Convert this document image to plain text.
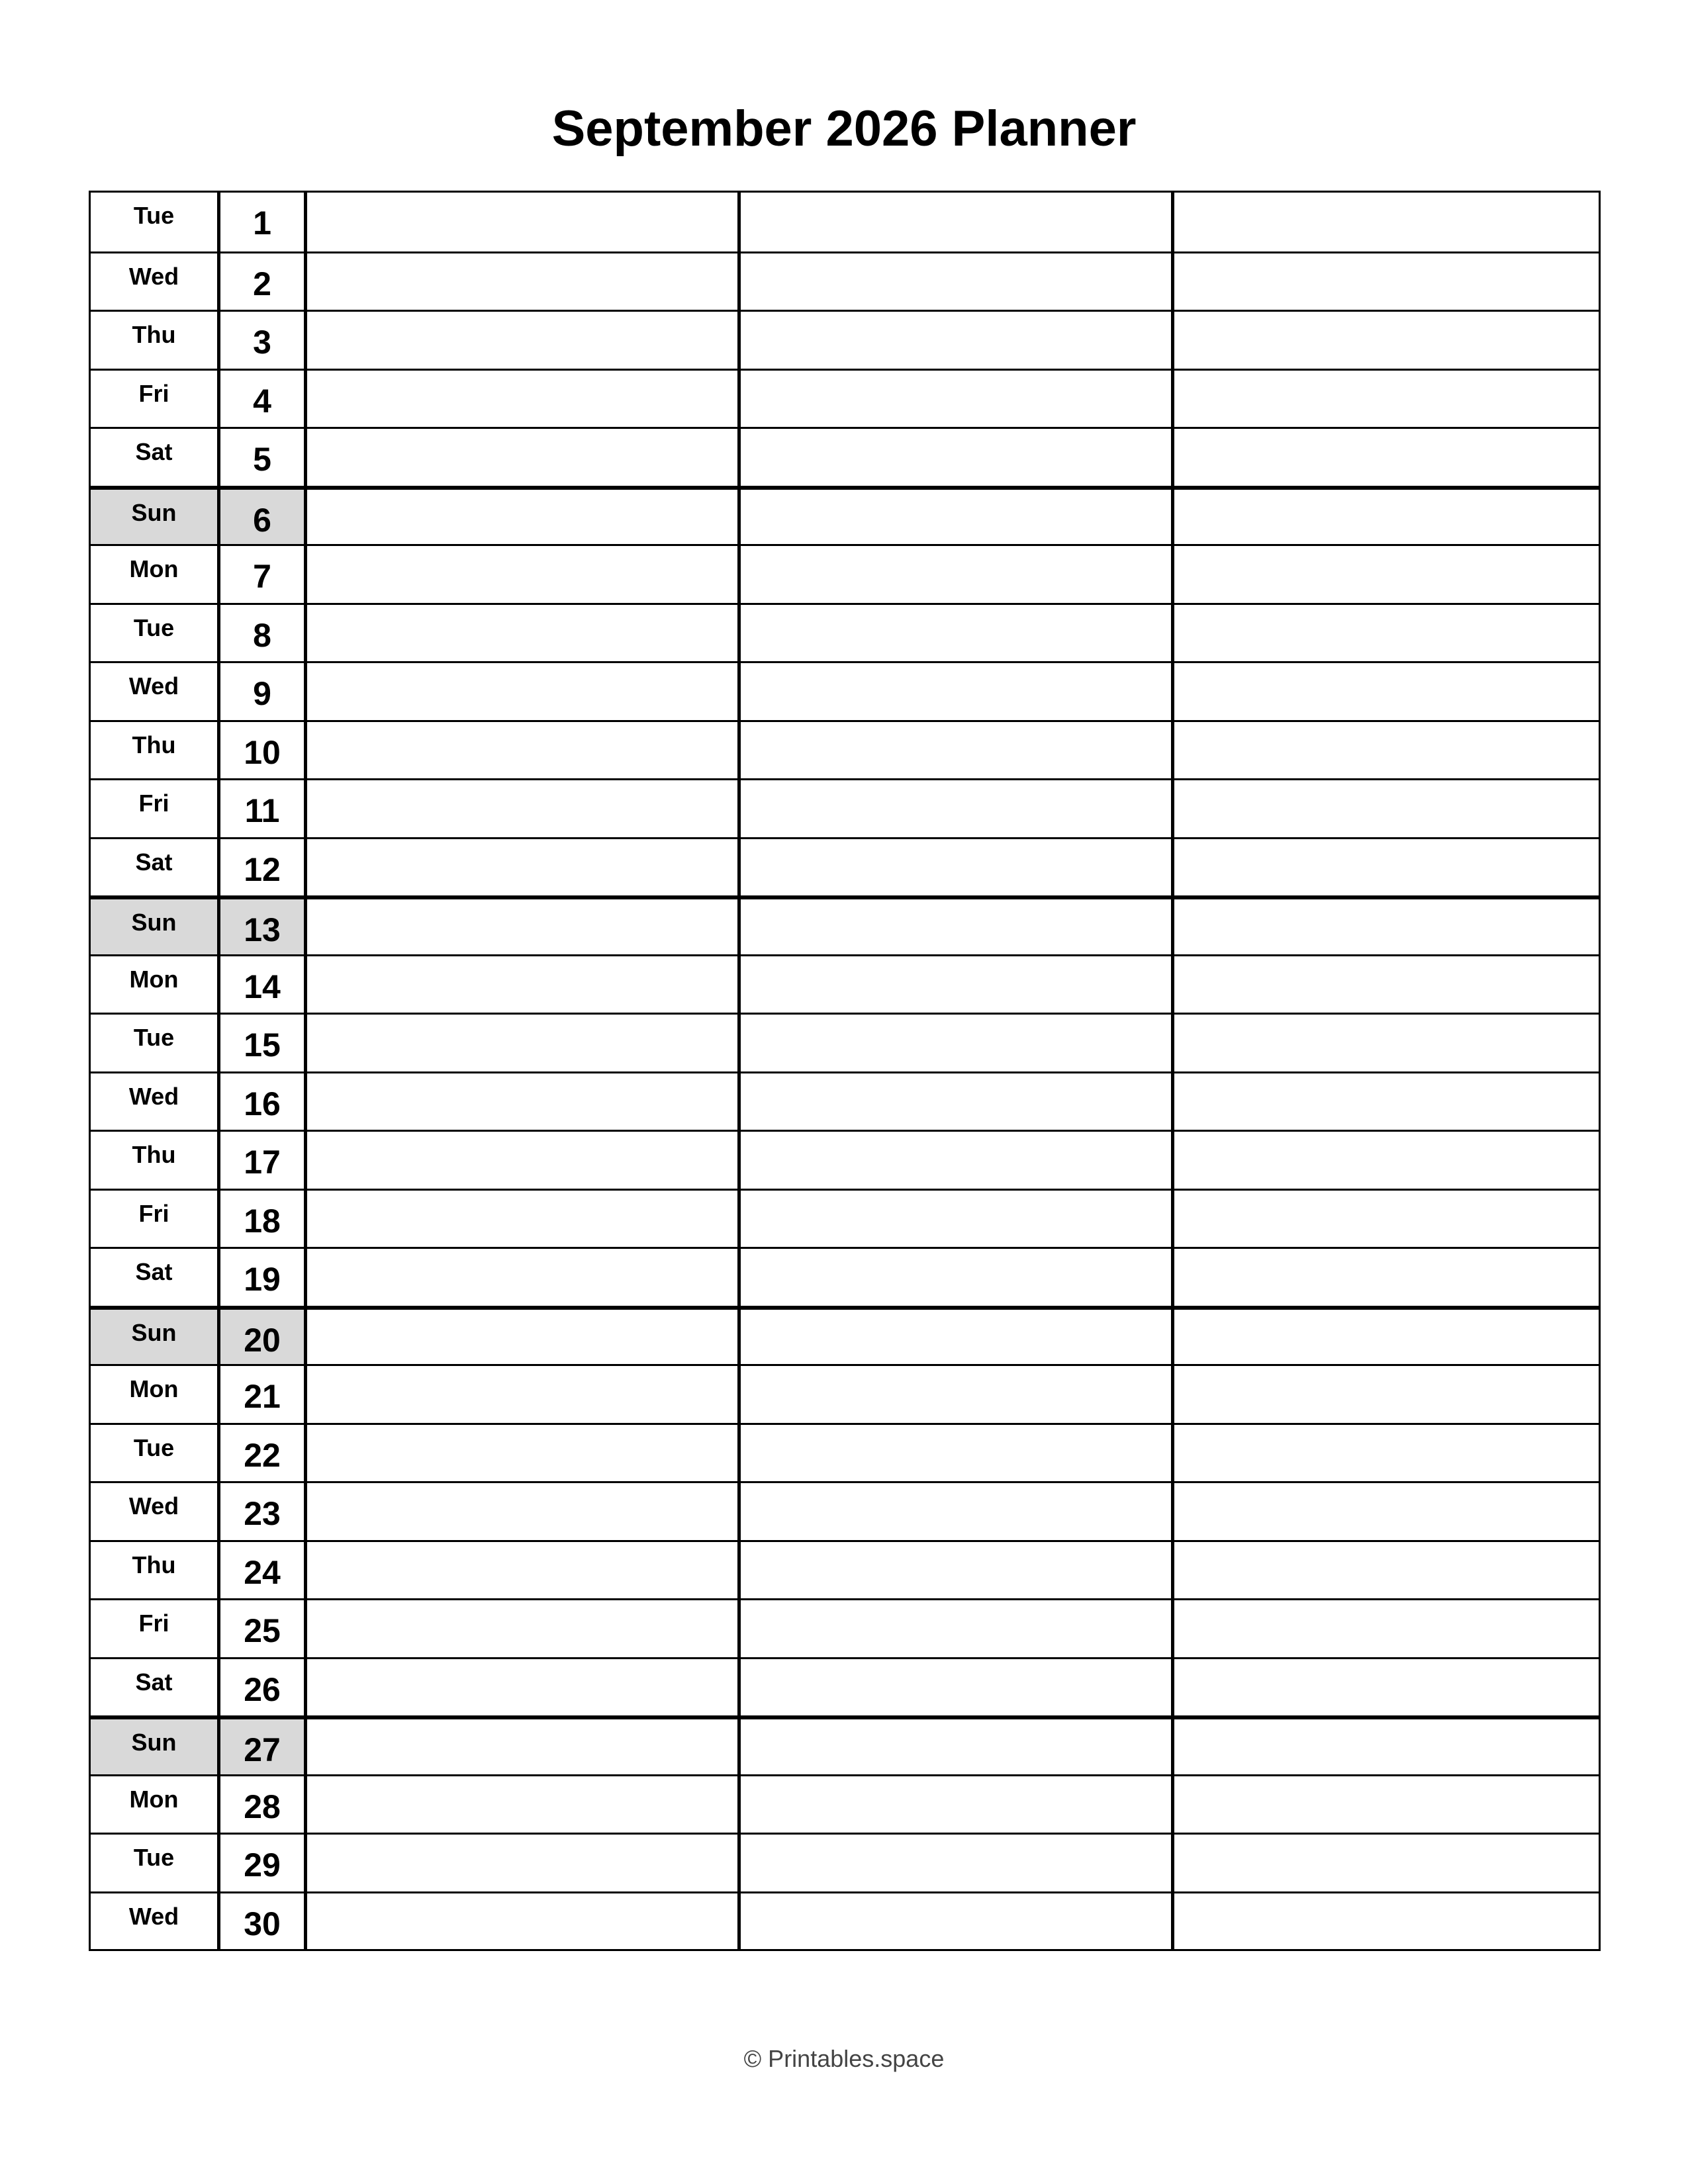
September 2026 Planner
Tue	1
Wed	2
Thu	3
Fri	4
Sat	5
Sun	6
Mon	7
Tue	8
Wed	9
Thu	10
Fri	11
Sat	12
Sun	13
Mon	14
Tue	15
Wed	16
Thu	17
Fri	18
Sat	19
Sun	20
Mon	21
Tue	22
Wed	23
Thu	24
Fri	25
Sat	26
Sun	27
Mon	28
Tue	29
Wed	30
© Printables.space
